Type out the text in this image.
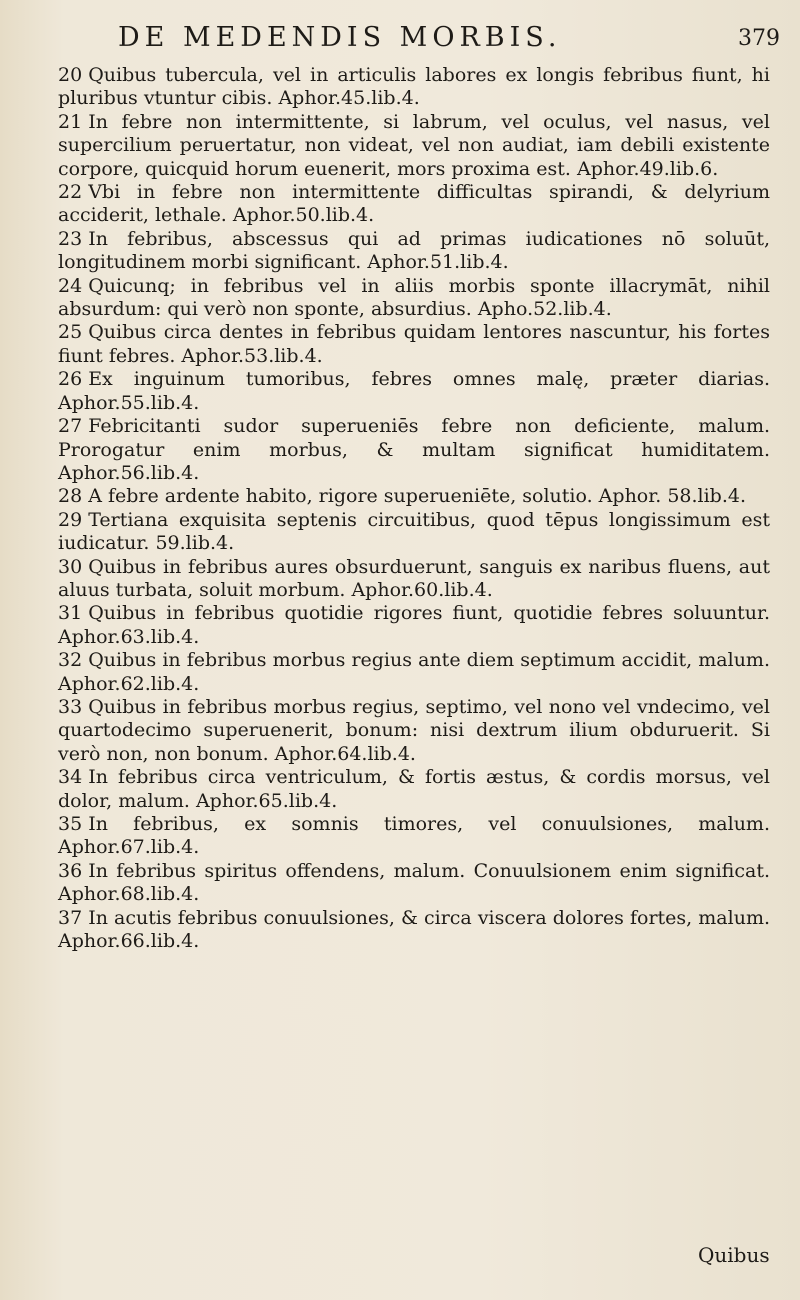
DE MEDENDIS MORBIS.	379

20 Quibus tubercula, vel in articulis labores ex longis febribus fiunt, hi pluribus vtuntur cibis. Aphor.45.lib.4.

21 In febre non intermittente, si labrum, vel oculus, vel nasus, vel supercilium peruertatur, non videat, vel non audiat, iam debili existente corpore, quicquid horum euenerit, mors proxima est. Aphor.49.lib.6.

22 Vbi in febre non intermittente difficultas spirandi, & delyrium acciderit, lethale. Aphor.50.lib.4.

23 In febribus, abscessus qui ad primas iudicationes nō soluūt, longitudinem morbi significant. Aphor.51.lib.4.

24 Quicunq; in febribus vel in aliis morbis sponte illacrymāt, nihil absurdum: qui verò non sponte, absurdius. Apho.52.lib.4.

25 Quibus circa dentes in febribus quidam lentores nascuntur, his fortes fiunt febres. Aphor.53.lib.4.

26 Ex inguinum tumoribus, febres omnes malę, præter diarias. Aphor.55.lib.4.

27 Febricitanti sudor superueniēs febre non deficiente, malum. Prorogatur enim morbus, & multam significat humiditatem. Aphor.56.lib.4.

28 A febre ardente habito, rigore superueniēte, solutio. Aphor. 58.lib.4.

29 Tertiana exquisita septenis circuitibus, quod tēpus longissimum est iudicatur. 59.lib.4.

30 Quibus in febribus aures obsurduerunt, sanguis ex naribus fluens, aut aluus turbata, soluit morbum. Aphor.60.lib.4.

31 Quibus in febribus quotidie rigores fiunt, quotidie febres soluuntur. Aphor.63.lib.4.

32 Quibus in febribus morbus regius ante diem septimum accidit, malum. Aphor.62.lib.4.

33 Quibus in febribus morbus regius, septimo, vel nono vel vndecimo, vel quartodecimo superuenerit, bonum: nisi dextrum ilium obduruerit. Si verò non, non bonum. Aphor.64.lib.4.

34 In febribus circa ventriculum, & fortis æstus, & cordis morsus, vel dolor, malum. Aphor.65.lib.4.

35 In febribus, ex somnis timores, vel conuulsiones, malum. Aphor.67.lib.4.

36 In febribus spiritus offendens, malum. Conuulsionem enim significat. Aphor.68.lib.4.

37 In acutis febribus conuulsiones, & circa viscera dolores fortes, malum. Aphor.66.lib.4.

Quibus
